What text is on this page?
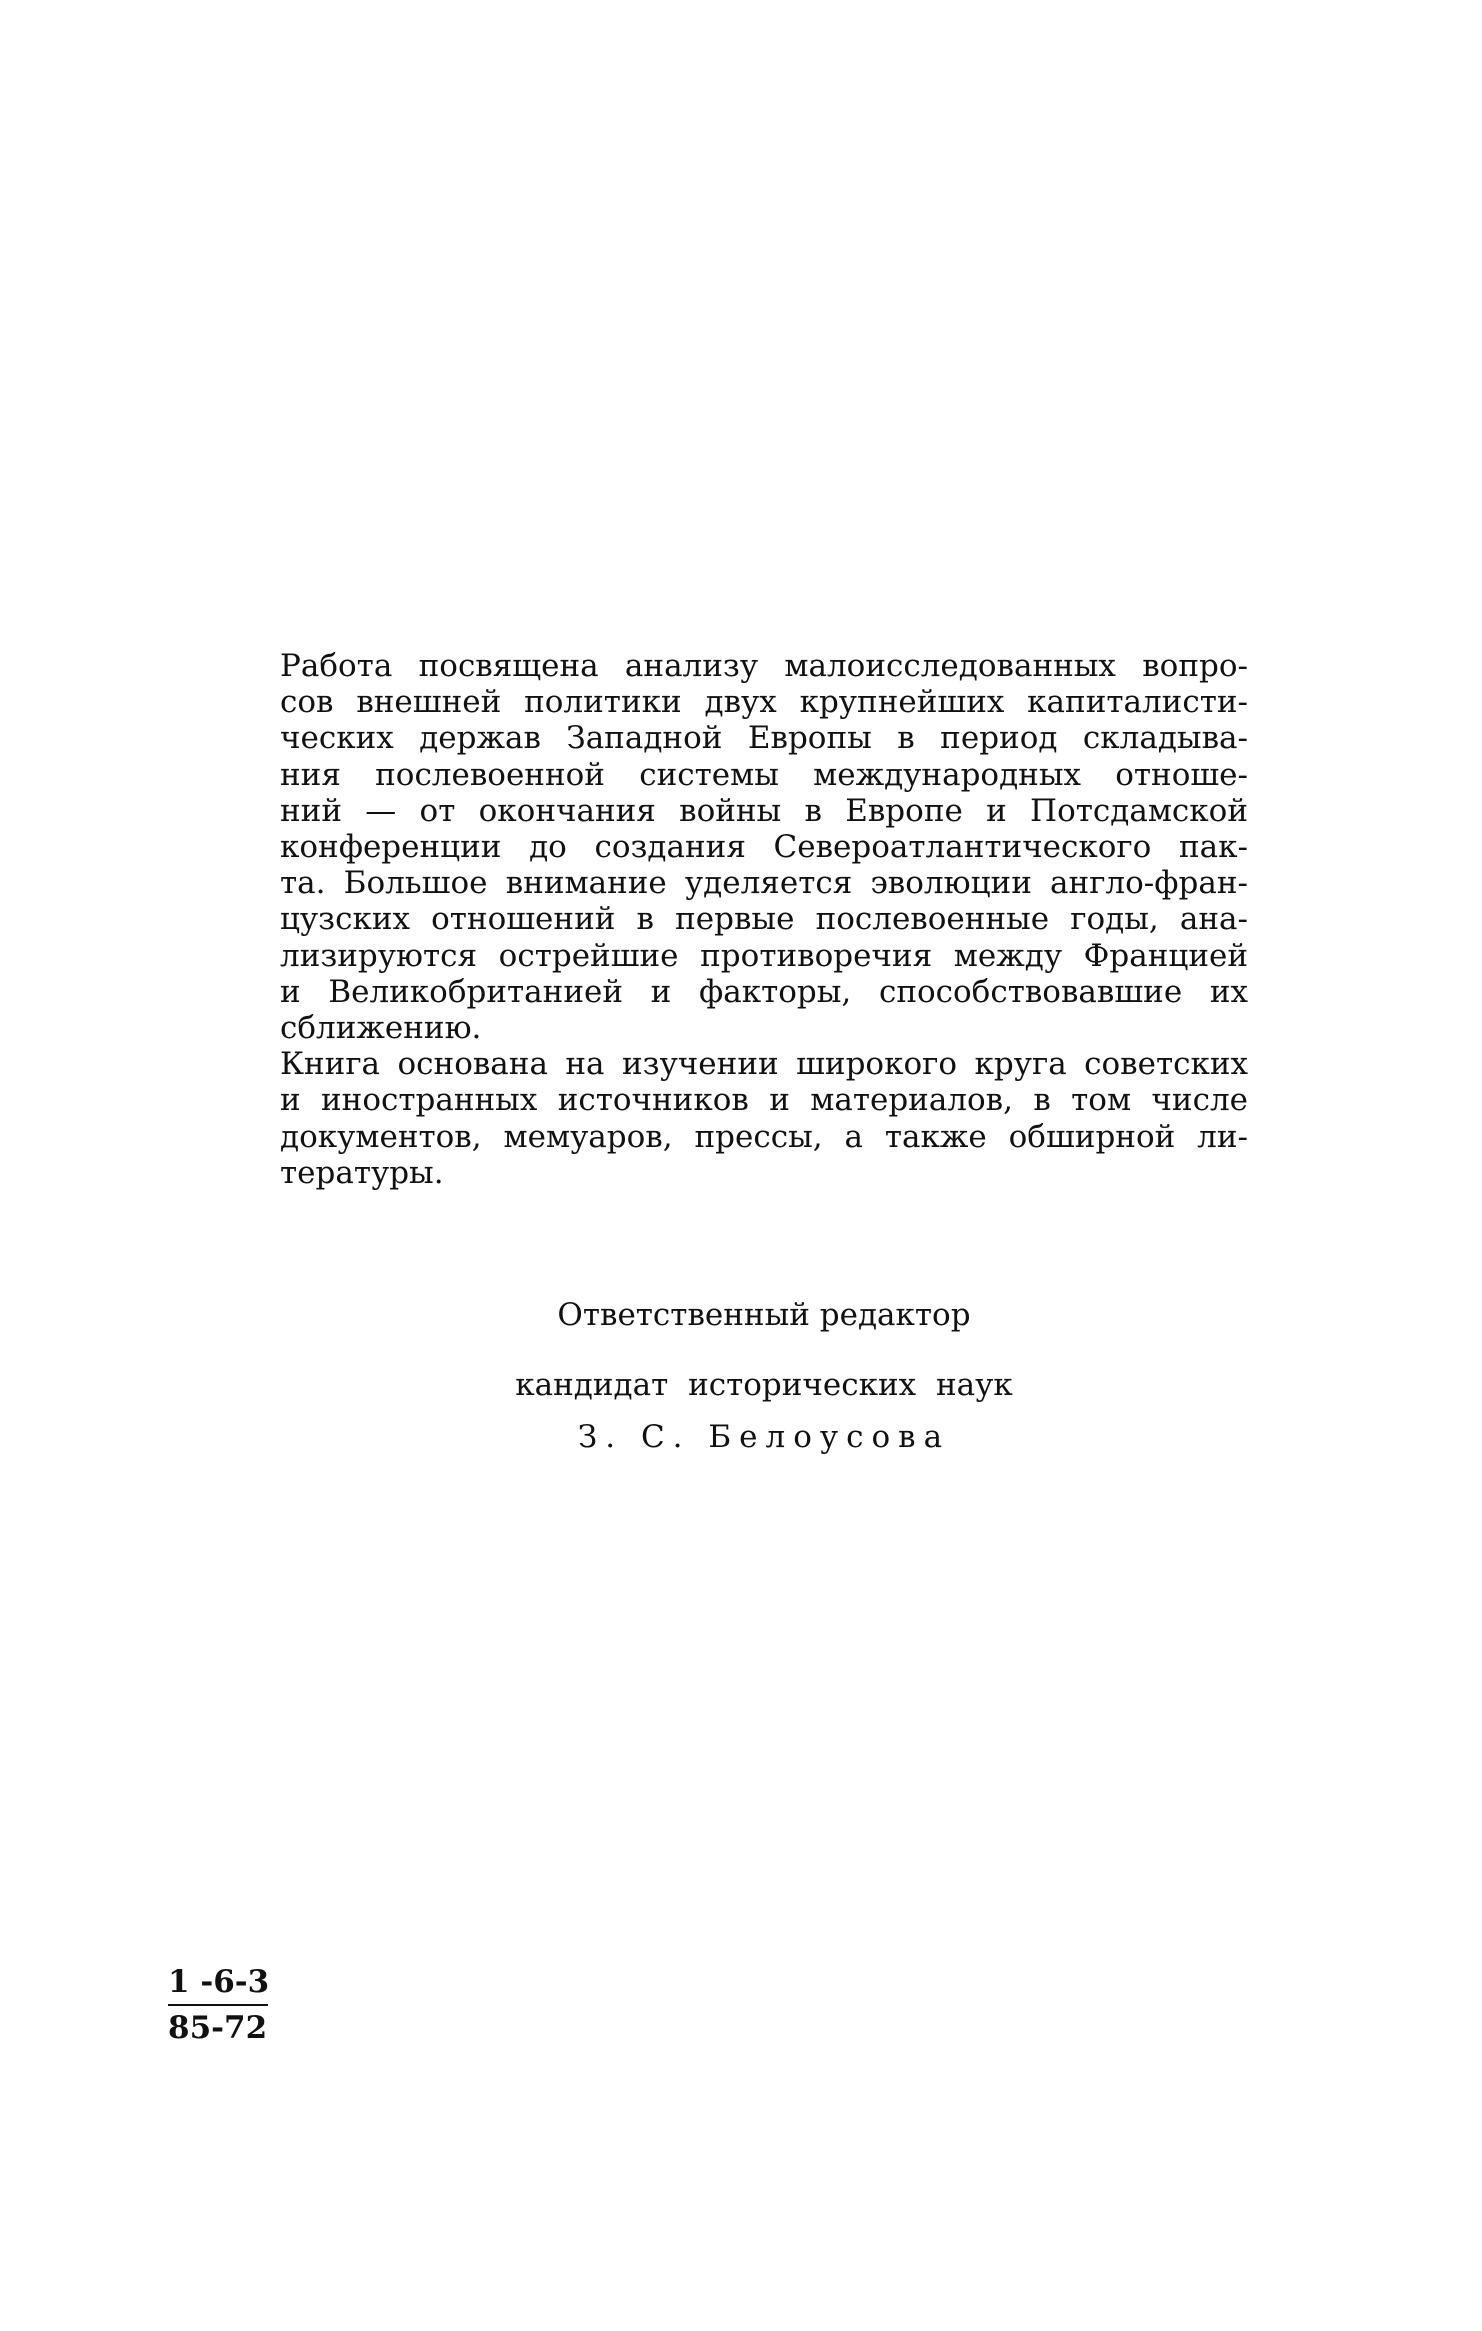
Работа посвящена анализу малоисследованных вопро-
сов внешней политики двух крупнейших капиталисти-
ческих держав Западной Европы в период складыва-
ния послевоенной системы международных отноше-
ний — от окончания войны в Европе и Потсдамской
конференции до создания Североатлантического пак-
та. Большое внимание уделяется эволюции англо-фран-
цузских отношений в первые послевоенные годы, ана-
лизируются острейшие противоречия между Францией
и Великобританией и факторы, способствовавшие их
сближению.
Книга основана на изучении широкого круга советских
и иностранных источников и материалов, в том числе
документов, мемуаров, прессы, а также обширной ли-
тературы.
Ответственный редактор
кандидат исторических наук
З. С. Белоусова
1 -6-3
85-72
